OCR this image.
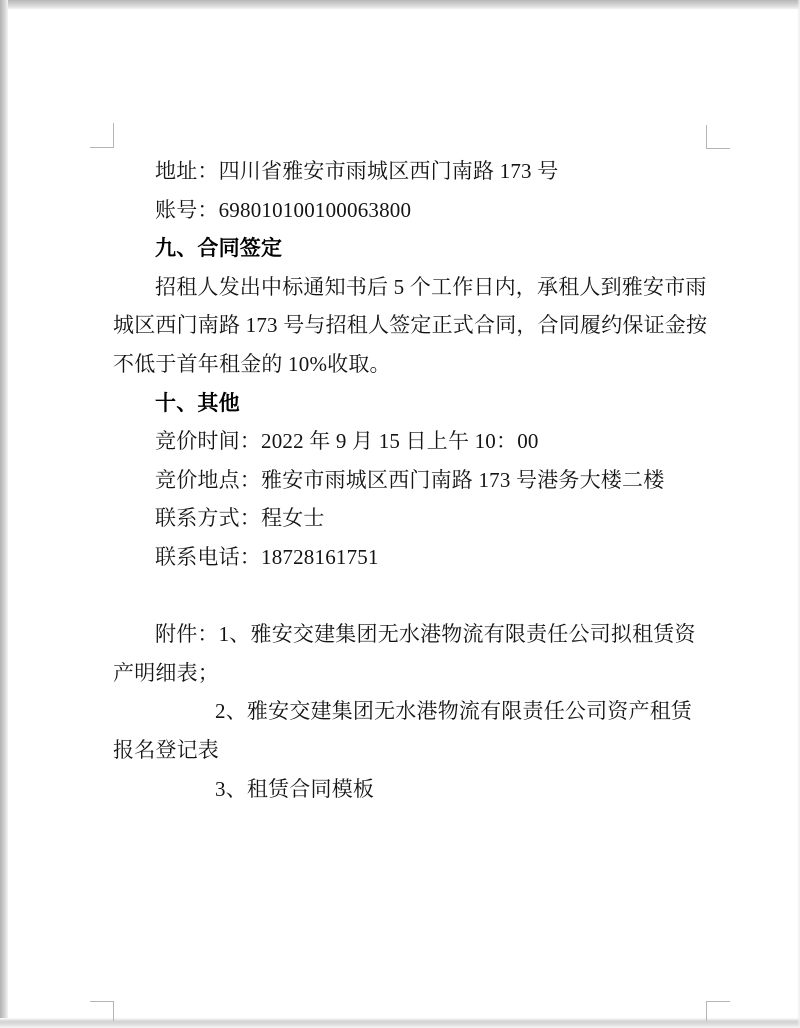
地址：四川省雅安市雨城区西门南路 173 号
账号：698010100100063800
九、合同签定
招租人发出中标通知书后 5 个工作日内，承租人到雅安市雨
城区西门南路 173 号与招租人签定正式合同，合同履约保证金按
不低于首年租金的 10%收取。
十、其他
竞价时间：2022 年 9 月 15 日上午 10：00
竞价地点：雅安市雨城区西门南路 173 号港务大楼二楼
联系方式：程女士
联系电话：18728161751
附件：1、雅安交建集团无水港物流有限责任公司拟租赁资
产明细表；
2、雅安交建集团无水港物流有限责任公司资产租赁
报名登记表
3、租赁合同模板
